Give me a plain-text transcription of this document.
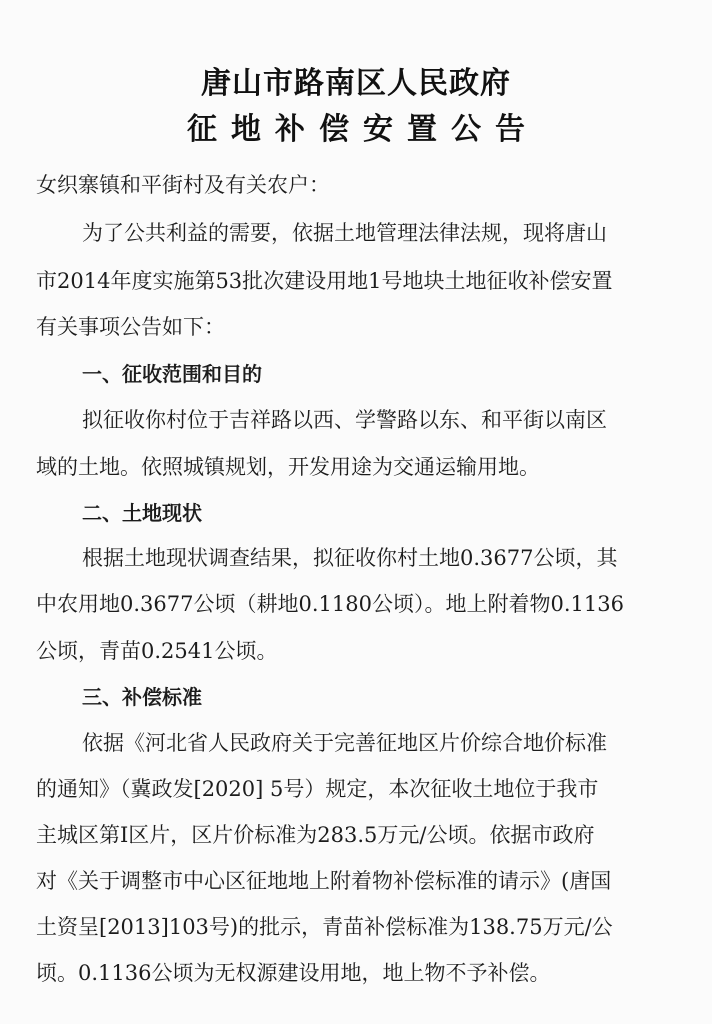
唐山市路南区人民政府
征地补偿安置公告
女织寨镇和平街村及有关农户：
为了公共利益的需要，依据土地管理法律法规，现将唐山
市2014年度实施第53批次建设用地1号地块土地征收补偿安置
有关事项公告如下：
一、征收范围和目的
拟征收你村位于吉祥路以西、学警路以东、和平街以南区
域的土地。依照城镇规划，开发用途为交通运输用地。
二、土地现状
根据土地现状调查结果，拟征收你村土地0.3677公顷，其
中农用地0.3677公顷（耕地0.1180公顷）。地上附着物0.1136
公顷，青苗0.2541公顷。
三、补偿标准
依据《河北省人民政府关于完善征地区片价综合地价标准
的通知》（冀政发[2020] 5号）规定，本次征收土地位于我市
主城区第Ⅰ区片，区片价标准为283.5万元/公顷。依据市政府
对《关于调整市中心区征地地上附着物补偿标准的请示》(唐国
土资呈[2013]103号)的批示，青苗补偿标准为138.75万元/公
顷。0.1136公顷为无权源建设用地，地上物不予补偿。
